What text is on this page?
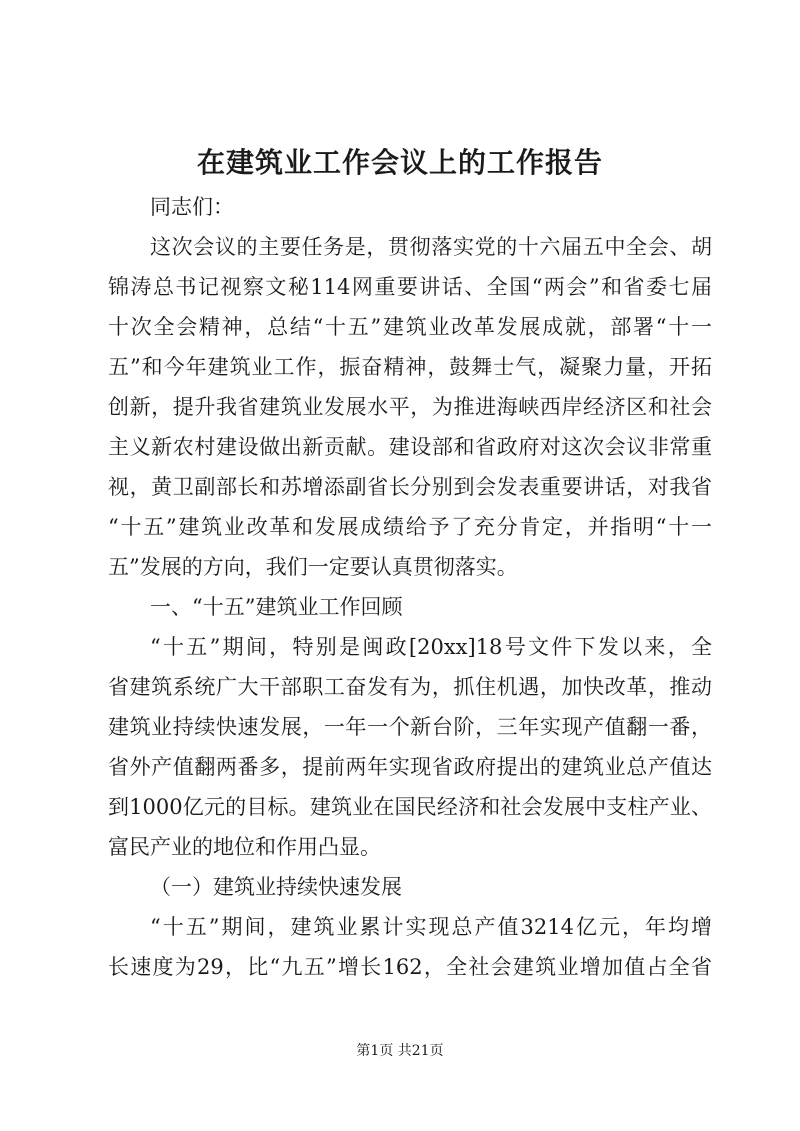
在建筑业工作会议上的工作报告
同志们：
这次会议的主要任务是，贯彻落实党的十六届五中全会、胡
锦涛总书记视察文秘114网重要讲话、全国“两会”和省委七届
十次全会精神，总结“十五”建筑业改革发展成就，部署“十一
五”和今年建筑业工作，振奋精神，鼓舞士气，凝聚力量，开拓
创新，提升我省建筑业发展水平，为推进海峡西岸经济区和社会
主义新农村建设做出新贡献。建设部和省政府对这次会议非常重
视，黄卫副部长和苏增添副省长分别到会发表重要讲话，对我省
“十五”建筑业改革和发展成绩给予了充分肯定，并指明“十一
五”发展的方向，我们一定要认真贯彻落实。
一、“十五”建筑业工作回顾
“十五”期间，特别是闽政[20xx]18号文件下发以来，全
省建筑系统广大干部职工奋发有为，抓住机遇，加快改革，推动
建筑业持续快速发展，一年一个新台阶，三年实现产值翻一番，
省外产值翻两番多，提前两年实现省政府提出的建筑业总产值达
到1000亿元的目标。建筑业在国民经济和社会发展中支柱产业、
富民产业的地位和作用凸显。
（一）建筑业持续快速发展
“十五”期间，建筑业累计实现总产值3214亿元，年均增
长速度为29，比“九五”增长162，全社会建筑业增加值占全省
第1页 共21页
